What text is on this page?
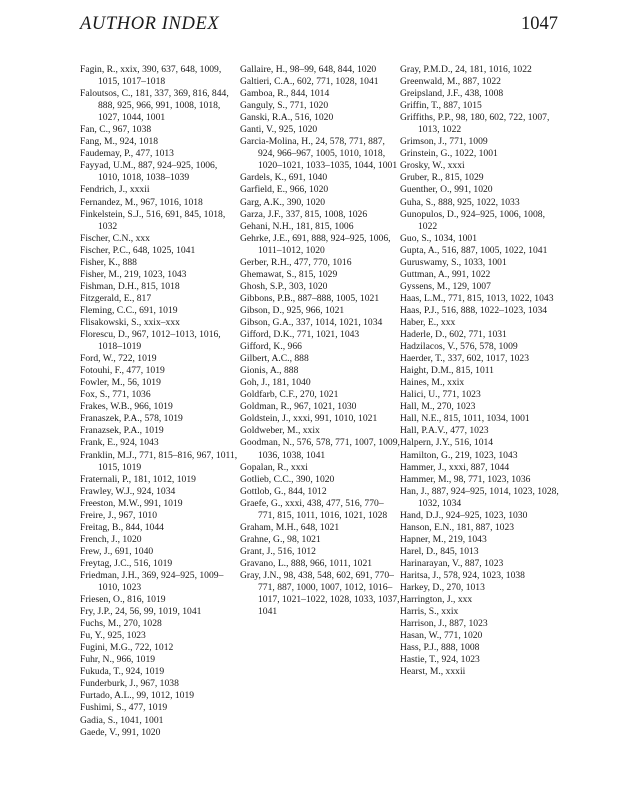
AUTHOR INDEX	1047
Fagin, R., xxix, 390, 637, 648, 1009, 1015, 1017–1018
Faloutsos, C., 181, 337, 369, 816, 844, 888, 925, 966, 991, 1008, 1018, 1027, 1044, 1001
Fan, C., 967, 1038
Fang, M., 924, 1018
Faudemay, P., 477, 1013
Fayyad, U.M., 887, 924–925, 1006, 1010, 1018, 1038–1039
Fendrich, J., xxxii
Fernandez, M., 967, 1016, 1018
Finkelstein, S.J., 516, 691, 845, 1018, 1032
Fischer, C.N., xxx
Fischer, P.C., 648, 1025, 1041
Fisher, K., 888
Fisher, M., 219, 1023, 1043
Fishman, D.H., 815, 1018
Fitzgerald, E., 817
Fleming, C.C., 691, 1019
Flisakowski, S., xxix–xxx
Florescu, D., 967, 1012–1013, 1016, 1018–1019
Ford, W., 722, 1019
Fotouhi, F., 477, 1019
Fowler, M., 56, 1019
Fox, S., 771, 1036
Frakes, W.B., 966, 1019
Franaszek, P.A., 578, 1019
Franazsek, P.A., 1019
Frank, E., 924, 1043
Franklin, M.J., 771, 815–816, 967, 1011, 1015, 1019
Fraternali, P., 181, 1012, 1019
Frawley, W.J., 924, 1034
Freeston, M.W., 991, 1019
Freire, J., 967, 1010
Freitag, B., 844, 1044
French, J., 1020
Frew, J., 691, 1040
Freytag, J.C., 516, 1019
Friedman, J.H., 369, 924–925, 1009–1010, 1023
Friesen, O., 816, 1019
Fry, J.P., 24, 56, 99, 1019, 1041
Fuchs, M., 270, 1028
Fu, Y., 925, 1023
Fugini, M.G., 722, 1012
Fuhr, N., 966, 1019
Fukuda, T., 924, 1019
Funderburk, J., 967, 1038
Furtado, A.L., 99, 1012, 1019
Fushimi, S., 477, 1019
Gadia, S., 1041, 1001
Gaede, V., 991, 1020
Gallaire, H., 98–99, 648, 844, 1020
Galtieri, C.A., 602, 771, 1028, 1041
Gamboa, R., 844, 1014
Ganguly, S., 771, 1020
Ganski, R.A., 516, 1020
Ganti, V., 925, 1020
Garcia-Molina, H., 24, 578, 771, 887, 924, 966–967, 1005, 1010, 1018, 1020–1021, 1033–1035, 1044, 1001
Gardels, K., 691, 1040
Garfield, E., 966, 1020
Garg, A.K., 390, 1020
Garza, J.F., 337, 815, 1008, 1026
Gehani, N.H., 181, 815, 1006
Gehrke, J.E., 691, 888, 924–925, 1006, 1011–1012, 1020
Gerber, R.H., 477, 770, 1016
Ghemawat, S., 815, 1029
Ghosh, S.P., 303, 1020
Gibbons, P.B., 887–888, 1005, 1021
Gibson, D., 925, 966, 1021
Gibson, G.A., 337, 1014, 1021, 1034
Gifford, D.K., 771, 1021, 1043
Gifford, K., 966
Gilbert, A.C., 888
Gionis, A., 888
Goh, J., 181, 1040
Goldfarb, C.F., 270, 1021
Goldman, R., 967, 1021, 1030
Goldstein, J., xxxi, 991, 1010, 1021
Goldweber, M., xxix
Goodman, N., 576, 578, 771, 1007, 1009, 1036, 1038, 1041
Gopalan, R., xxxi
Gotlieb, C.C., 390, 1020
Gottlob, G., 844, 1012
Graefe, G., xxxi, 438, 477, 516, 770–771, 815, 1011, 1016, 1021, 1028
Graham, M.H., 648, 1021
Grahne, G., 98, 1021
Grant, J., 516, 1012
Gravano, L., 888, 966, 1011, 1021
Gray, J.N., 98, 438, 548, 602, 691, 770–771, 887, 1000, 1007, 1012, 1016–1017, 1021–1022, 1028, 1033, 1037, 1041
Gray, P.M.D., 24, 181, 1016, 1022
Greenwald, M., 887, 1022
Greipsland, J.F., 438, 1008
Griffin, T., 887, 1015
Griffiths, P.P., 98, 180, 602, 722, 1007, 1013, 1022
Grimson, J., 771, 1009
Grinstein, G., 1022, 1001
Grosky, W., xxxi
Gruber, R., 815, 1029
Guenther, O., 991, 1020
Guha, S., 888, 925, 1022, 1033
Gunopulos, D., 924–925, 1006, 1008, 1022
Guo, S., 1034, 1001
Gupta, A., 516, 887, 1005, 1022, 1041
Guruswamy, S., 1033, 1001
Guttman, A., 991, 1022
Gyssens, M., 129, 1007
Haas, L.M., 771, 815, 1013, 1022, 1043
Haas, P.J., 516, 888, 1022–1023, 1034
Haber, E., xxx
Haderle, D., 602, 771, 1031
Hadzilacos, V., 576, 578, 1009
Haerder, T., 337, 602, 1017, 1023
Haight, D.M., 815, 1011
Haines, M., xxix
Halici, U., 771, 1023
Hall, M., 270, 1023
Hall, N.E., 815, 1011, 1034, 1001
Hall, P.A.V., 477, 1023
Halpern, J.Y., 516, 1014
Hamilton, G., 219, 1023, 1043
Hammer, J., xxxi, 887, 1044
Hammer, M., 98, 771, 1023, 1036
Han, J., 887, 924–925, 1014, 1023, 1028, 1032, 1034
Hand, D.J., 924–925, 1023, 1030
Hanson, E.N., 181, 887, 1023
Hapner, M., 219, 1043
Harel, D., 845, 1013
Harinarayan, V., 887, 1023
Haritsa, J., 578, 924, 1023, 1038
Harkey, D., 270, 1013
Harrington, J., xxx
Harris, S., xxix
Harrison, J., 887, 1023
Hasan, W., 771, 1020
Hass, P.J., 888, 1008
Hastie, T., 924, 1023
Hearst, M., xxxii
